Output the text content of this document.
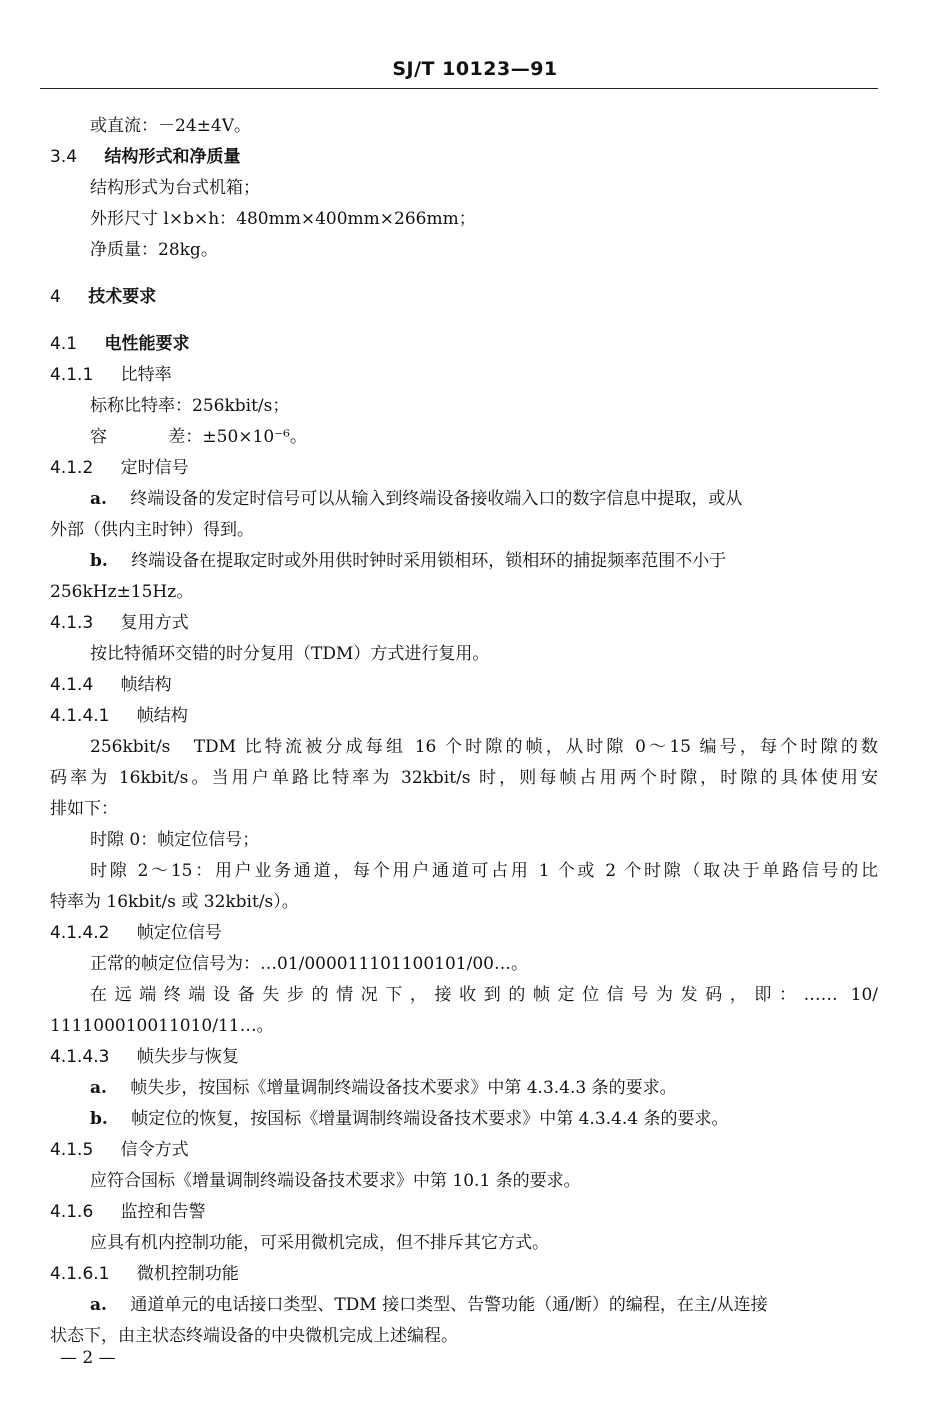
SJ/T 10123—91
或直流：－24±4V。
3.4 结构形式和净质量
结构形式为台式机箱；
外形尺寸 l×b×h：480mm×400mm×266mm；
净质量：28kg。
4 技术要求
4.1 电性能要求
4.1.1 比特率
标称比特率：256kbit/s；
容	差：±50×10⁻⁶。
4.1.2 定时信号
a. 终端设备的发定时信号可以从输入到终端设备接收端入口的数字信息中提取，或从
外部（供内主时钟）得到。
b. 终端设备在提取定时或外用供时钟时采用锁相环，锁相环的捕捉频率范围不小于
256kHz±15Hz。
4.1.3 复用方式
按比特循环交错的时分复用（TDM）方式进行复用。
4.1.4 帧结构
4.1.4.1 帧结构
256kbit/s　TDM 比特流被分成每组 16 个时隙的帧，从时隙 0～15 编号，每个时隙的数
码率为 16kbit/s。当用户单路比特率为 32kbit/s 时，则每帧占用两个时隙，时隙的具体使用安
排如下：
时隙 0：帧定位信号；
时隙 2～15：用户业务通道，每个用户通道可占用 1 个或 2 个时隙（取决于单路信号的比
特率为 16kbit/s 或 32kbit/s）。
4.1.4.2 帧定位信号
正常的帧定位信号为：…01/000011101100101/00…。
在远端终端设备失步的情况下，接收到的帧定位信号为发码，即：…… 10/
111100010011010/11…。
4.1.4.3 帧失步与恢复
a. 帧失步，按国标《增量调制终端设备技术要求》中第 4.3.4.3 条的要求。
b. 帧定位的恢复，按国标《增量调制终端设备技术要求》中第 4.3.4.4 条的要求。
4.1.5 信令方式
应符合国标《增量调制终端设备技术要求》中第 10.1 条的要求。
4.1.6 监控和告警
应具有机内控制功能，可采用微机完成，但不排斥其它方式。
4.1.6.1 微机控制功能
a. 通道单元的电话接口类型、TDM 接口类型、告警功能（通/断）的编程，在主/从连接
状态下，由主状态终端设备的中央微机完成上述编程。
— 2 —
